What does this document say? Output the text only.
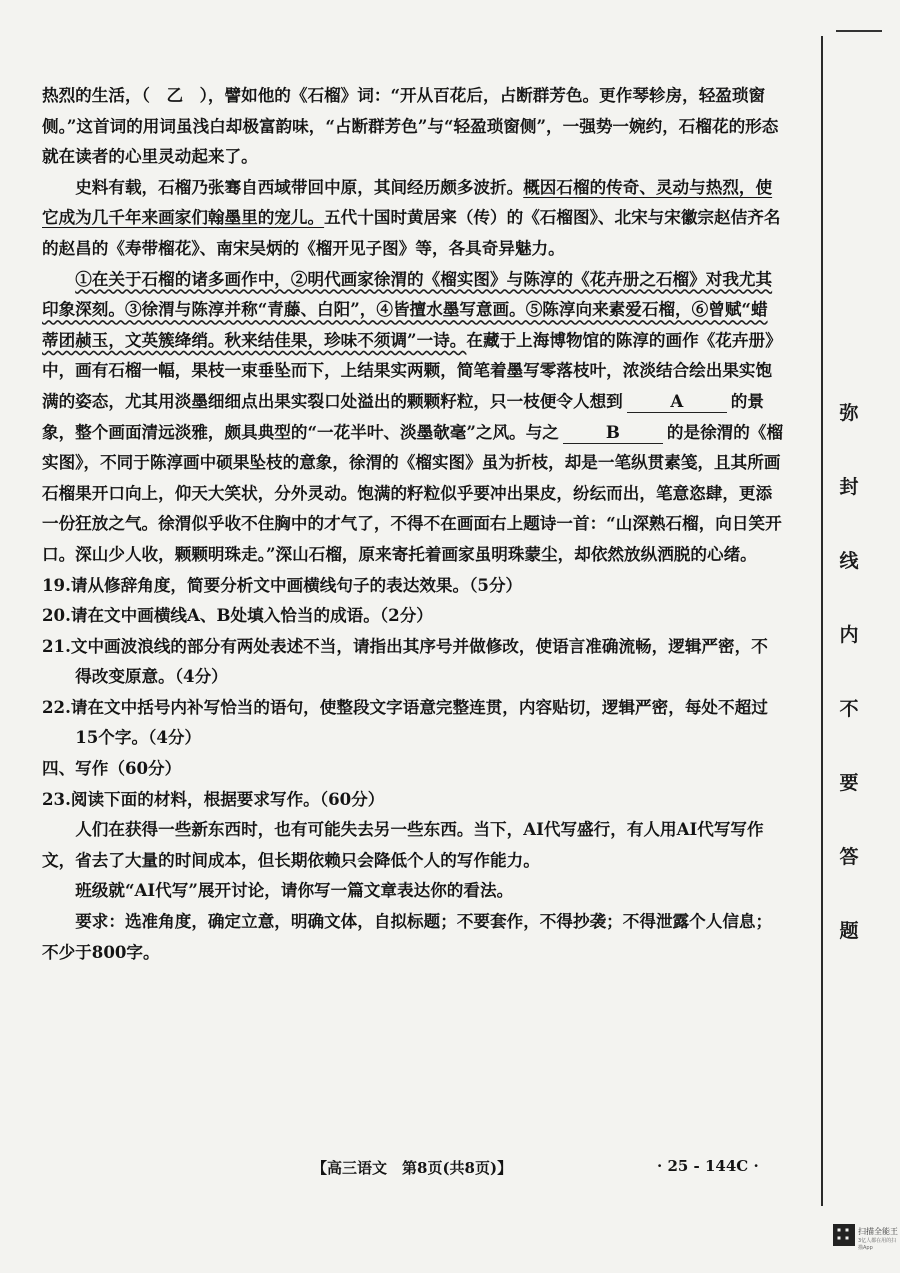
热烈的生活，（　乙　），譬如他的《石榴》词：“开从百花后，占断群芳色。更作琴轸房，轻盈琐窗侧。”这首词的用词虽浅白却极富韵味，“占断群芳色”与“轻盈琐窗侧”，一强势一婉约，石榴花的形态就在读者的心里灵动起来了。

史料有载，石榴乃张骞自西域带回中原，其间经历颇多波折。概因石榴的传奇、灵动与热烈，使它成为几千年来画家们翰墨里的宠儿。五代十国时黄居宷（传）的《石榴图》、北宋与宋徽宗赵佶齐名的赵昌的《寿带榴花》、南宋吴炳的《榴开见子图》等，各具奇异魅力。

①在关于石榴的诸多画作中，②明代画家徐渭的《榴实图》与陈淳的《花卉册之石榴》对我尤其印象深刻。③徐渭与陈淳并称“青藤、白阳”，④皆擅水墨写意画。⑤陈淳向来素爱石榴，⑥曾赋“蜡蒂团赪玉，文英簇绛绡。秋来结佳果，珍味不须调”一诗。在藏于上海博物馆的陈淳的画作《花卉册》中，画有石榴一幅，果枝一束垂坠而下，上结果实两颗，简笔着墨写零落枝叶，浓淡结合绘出果实饱满的姿态，尤其用淡墨细细点出果实裂口处溢出的颗颗籽粒，只一枝便令人想到	A	的景象，整个画面清远淡雅，颇具典型的“一花半叶、淡墨欹毫”之风。与之	B	的是徐渭的《榴实图》，不同于陈淳画中硕果坠枝的意象，徐渭的《榴实图》虽为折枝，却是一笔纵贯素笺，且其所画石榴果开口向上，仰天大笑状，分外灵动。饱满的籽粒似乎要冲出果皮，纷纭而出，笔意恣肆，更添一份狂放之气。徐渭似乎收不住胸中的才气了，不得不在画面右上题诗一首：“山深熟石榴，向日笑开口。深山少人收，颗颗明珠走。”深山石榴，原来寄托着画家虽明珠蒙尘，却依然放纵洒脱的心绪。

19.请从修辞角度，简要分析文中画横线句子的表达效果。（5分）

20.请在文中画横线A、B处填入恰当的成语。（2分）

21.文中画波浪线的部分有两处表述不当，请指出其序号并做修改，使语言准确流畅，逻辑严密，不得改变原意。（4分）

22.请在文中括号内补写恰当的语句，使整段文字语意完整连贯，内容贴切，逻辑严密，每处不超过15个字。（4分）

四、写作（60分）

23.阅读下面的材料，根据要求写作。（60分）

人们在获得一些新东西时，也有可能失去另一些东西。当下，AI代写盛行，有人用AI代写写作文，省去了大量的时间成本，但长期依赖只会降低个人的写作能力。

班级就“AI代写”展开讨论，请你写一篇文章表达你的看法。

要求：选准角度，确定立意，明确文体，自拟标题；不要套作，不得抄袭；不得泄露个人信息；不少于800字。

【高三语文　第8页(共8页)】	· 25 - 144C ·
弥
封
线
内
不
要
答
题
扫描全能王
3亿人都在用的扫描App
